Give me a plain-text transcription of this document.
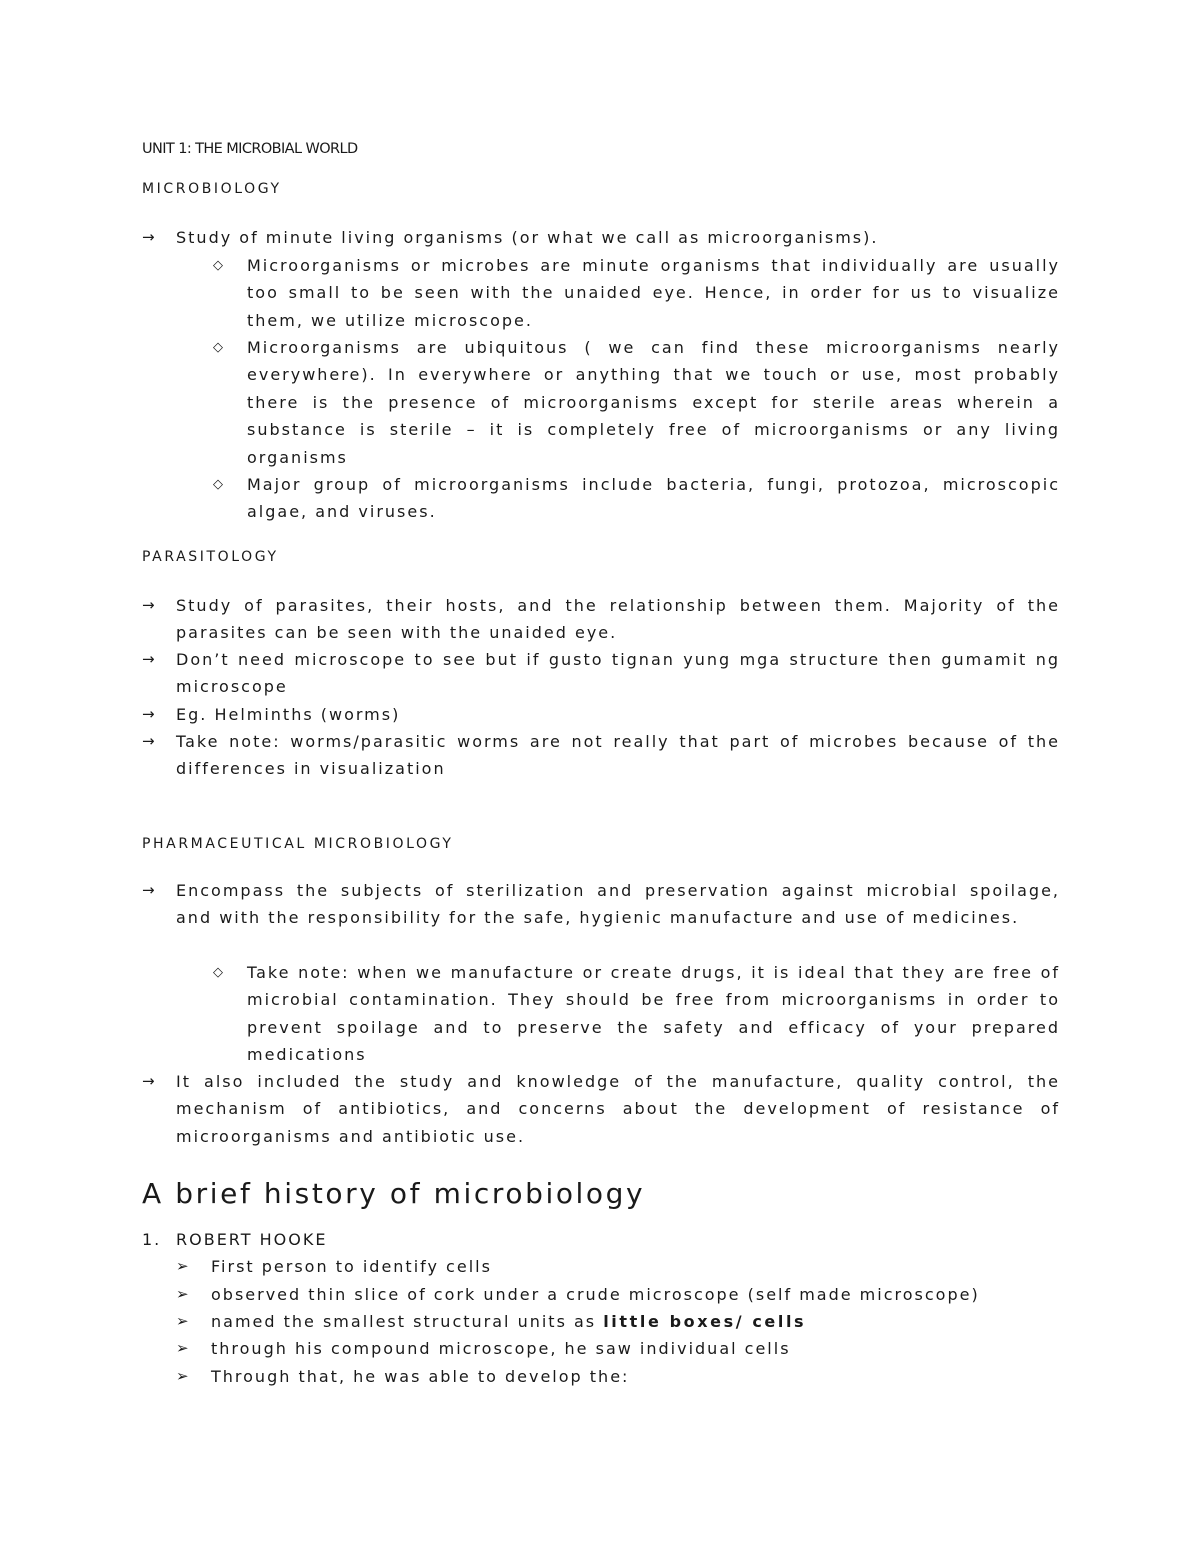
UNIT 1: THE MICROBIAL WORLD
MICROBIOLOGY
→ Study of minute living organisms (or what we call as microorganisms).

◇ Microorganisms or microbes are minute organisms that individually are usually too small to be seen with the unaided eye. Hence, in order for us to visualize them, we utilize microscope.

◇ Microorganisms are ubiquitous ( we can find these microorganisms nearly everywhere). In everywhere or anything that we touch or use, most probably there is the presence of microorganisms except for sterile areas wherein a substance is sterile – it is completely free of microorganisms or any living organisms

◇ Major group of microorganisms include bacteria, fungi, protozoa, microscopic algae, and viruses.

PARASITOLOGY
→ Study of parasites, their hosts, and the relationship between them. Majority of the parasites can be seen with the unaided eye.

→ Don’t need microscope to see but if gusto tignan yung mga structure then gumamit ng microscope

→ Eg. Helminths (worms)

→ Take note: worms/parasitic worms are not really that part of microbes because of the differences in visualization

PHARMACEUTICAL MICROBIOLOGY
→ Encompass the subjects of sterilization and preservation against microbial spoilage, and with the responsibility for the safe, hygienic manufacture and use of medicines.

◇ Take note: when we manufacture or create drugs, it is ideal that they are free of microbial contamination. They should be free from microorganisms in order to prevent spoilage and to preserve the safety and efficacy of your prepared medications

→ It also included the study and knowledge of the manufacture, quality control, the mechanism of antibiotics, and concerns about the development of resistance of microorganisms and antibiotic use.

A brief history of microbiology
1. ROBERT HOOKE
➢ First person to identify cells
➢ observed thin slice of cork under a crude microscope (self made microscope)
➢ named the smallest structural units as little boxes/ cells
➢ through his compound microscope, he saw individual cells
➢ Through that, he was able to develop the:
